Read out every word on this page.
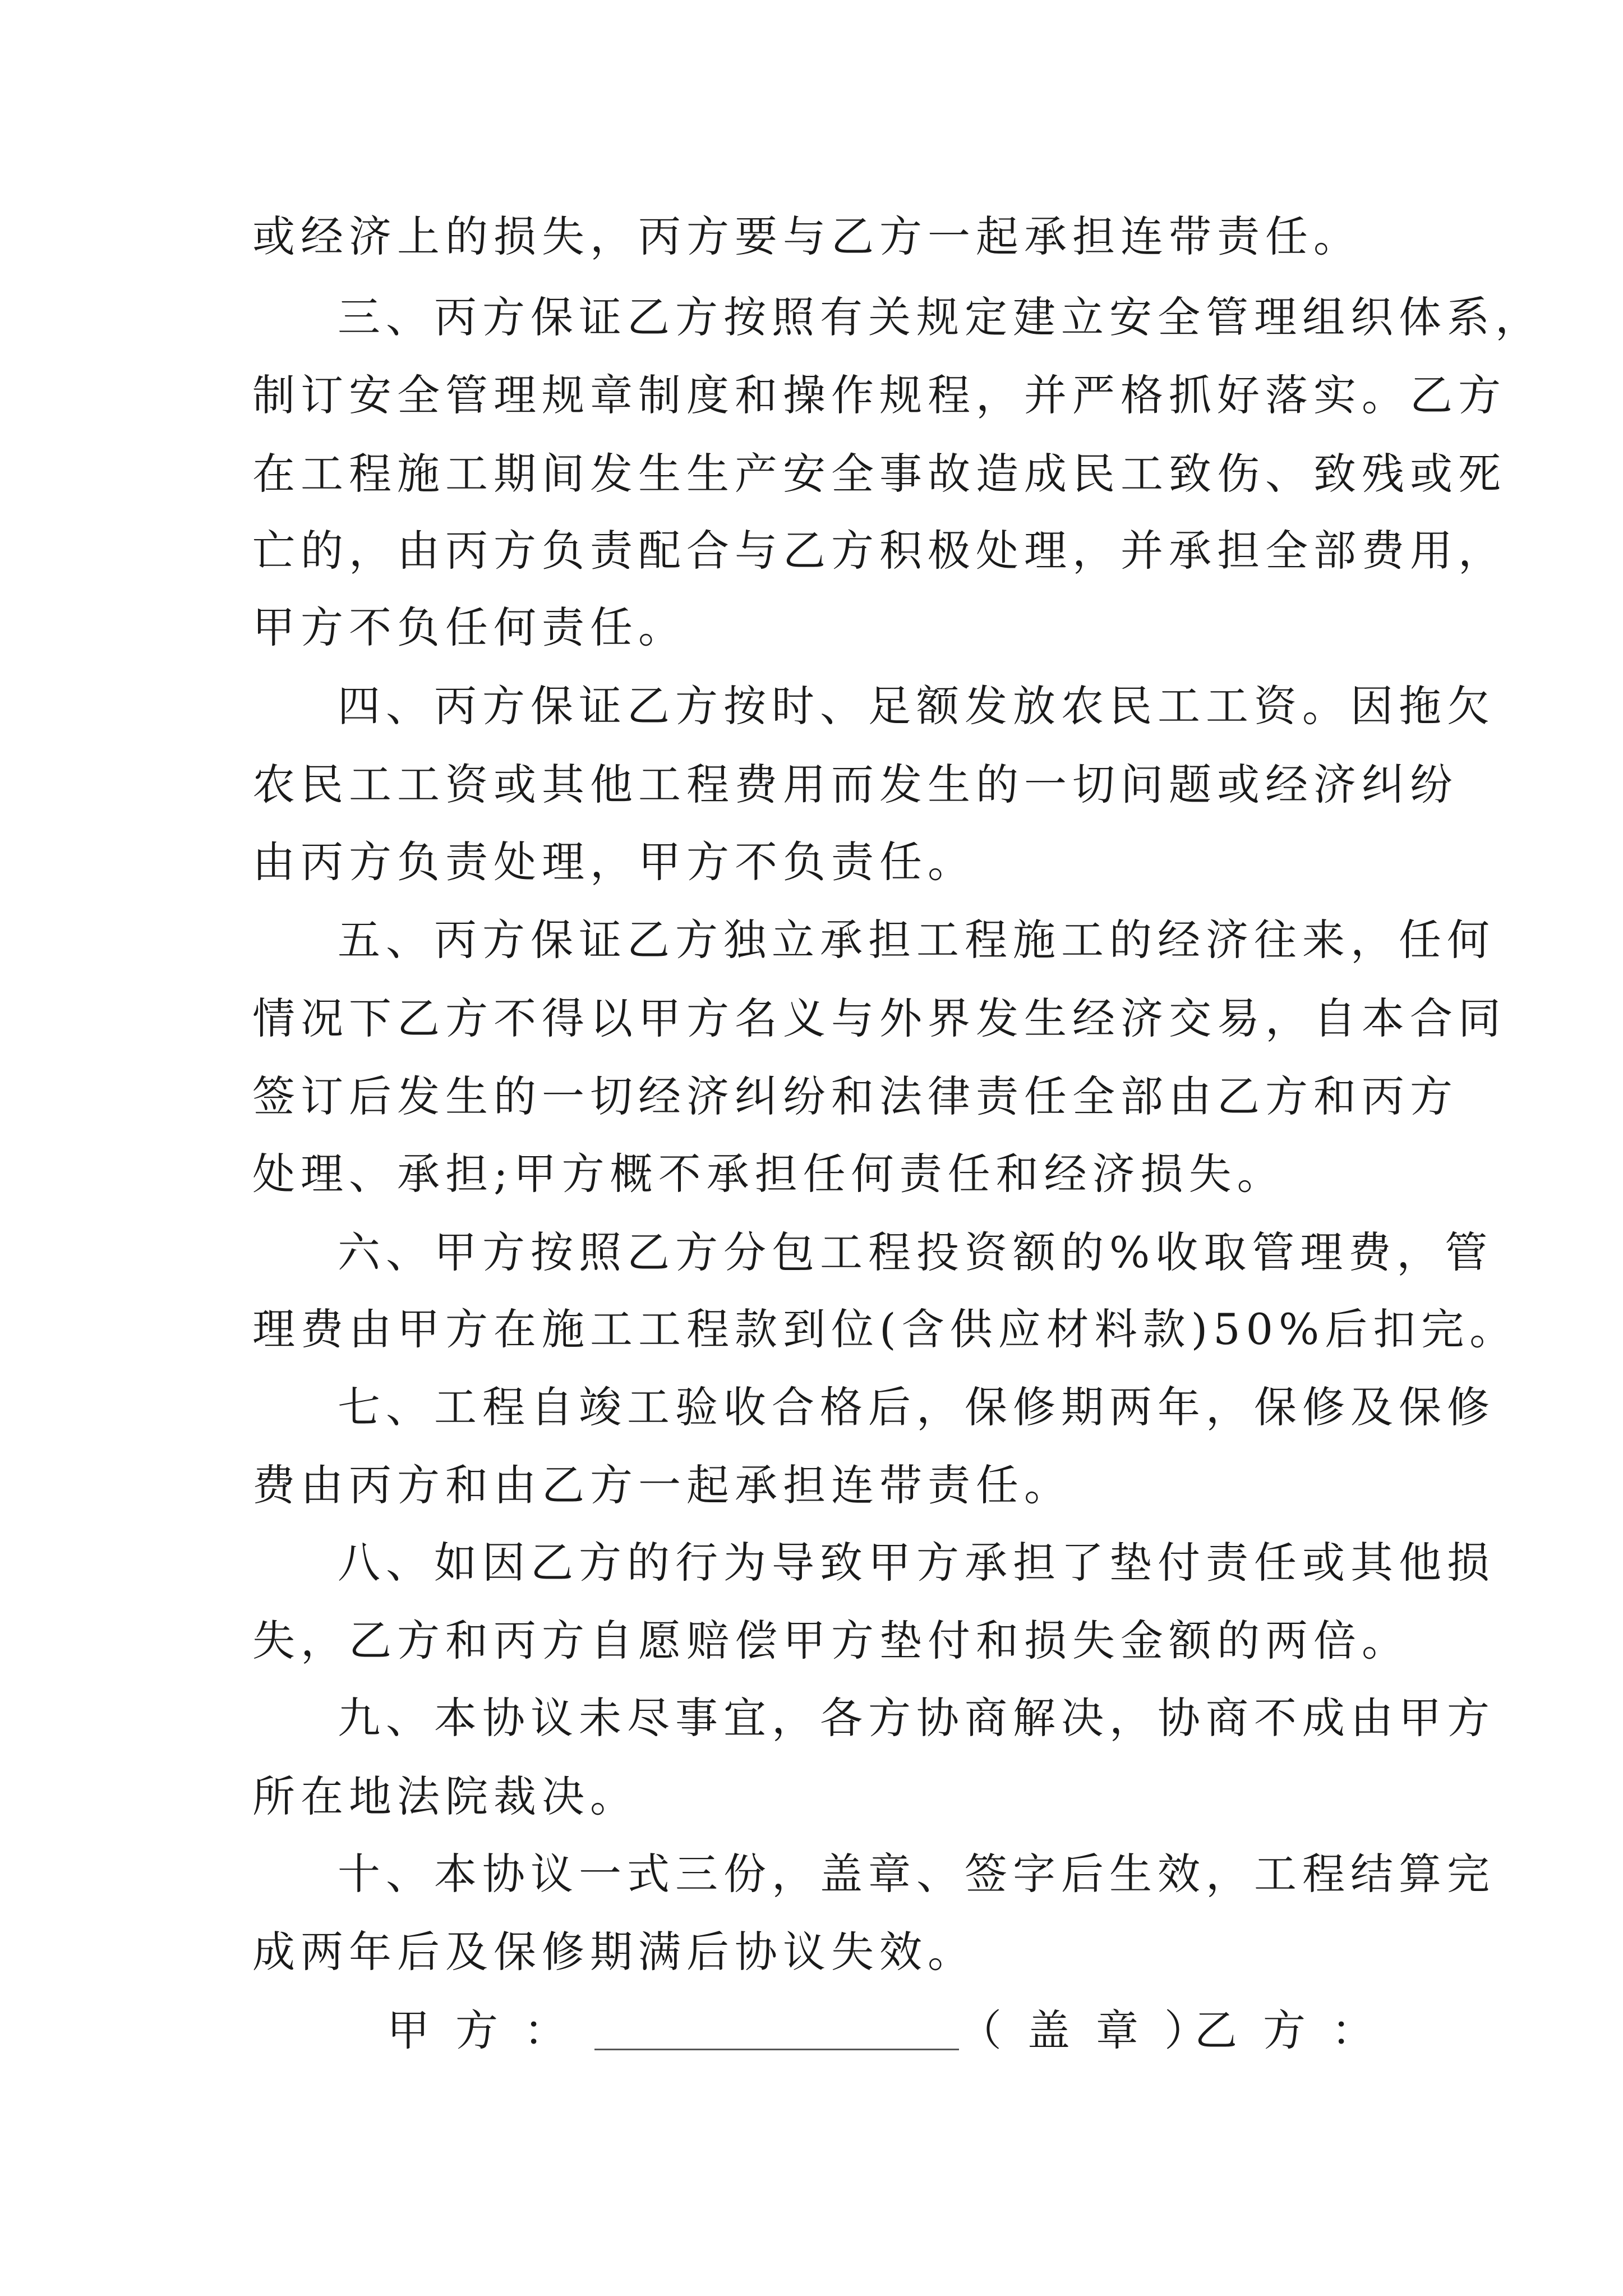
或经济上的损失，丙方要与乙方一起承担连带责任。
三、丙方保证乙方按照有关规定建立安全管理组织体系，
制订安全管理规章制度和操作规程，并严格抓好落实。乙方
在工程施工期间发生生产安全事故造成民工致伤、致残或死
亡的，由丙方负责配合与乙方积极处理，并承担全部费用，
甲方不负任何责任。
四、丙方保证乙方按时、足额发放农民工工资。因拖欠
农民工工资或其他工程费用而发生的一切问题或经济纠纷
由丙方负责处理，甲方不负责任。
五、丙方保证乙方独立承担工程施工的经济往来，任何
情况下乙方不得以甲方名义与外界发生经济交易，自本合同
签订后发生的一切经济纠纷和法律责任全部由乙方和丙方
处理、承担;甲方概不承担任何责任和经济损失。
六、甲方按照乙方分包工程投资额的%收取管理费，管
理费由甲方在施工工程款到位(含供应材料款)50%后扣完。
七、工程自竣工验收合格后，保修期两年，保修及保修
费由丙方和由乙方一起承担连带责任。
八、如因乙方的行为导致甲方承担了垫付责任或其他损
失，乙方和丙方自愿赔偿甲方垫付和损失金额的两倍。
九、本协议未尽事宜，各方协商解决，协商不成由甲方
所在地法院裁决。
十、本协议一式三份，盖章、签字后生效，工程结算完
成两年后及保修期满后协议失效。
甲方：	（盖章）
乙方：
